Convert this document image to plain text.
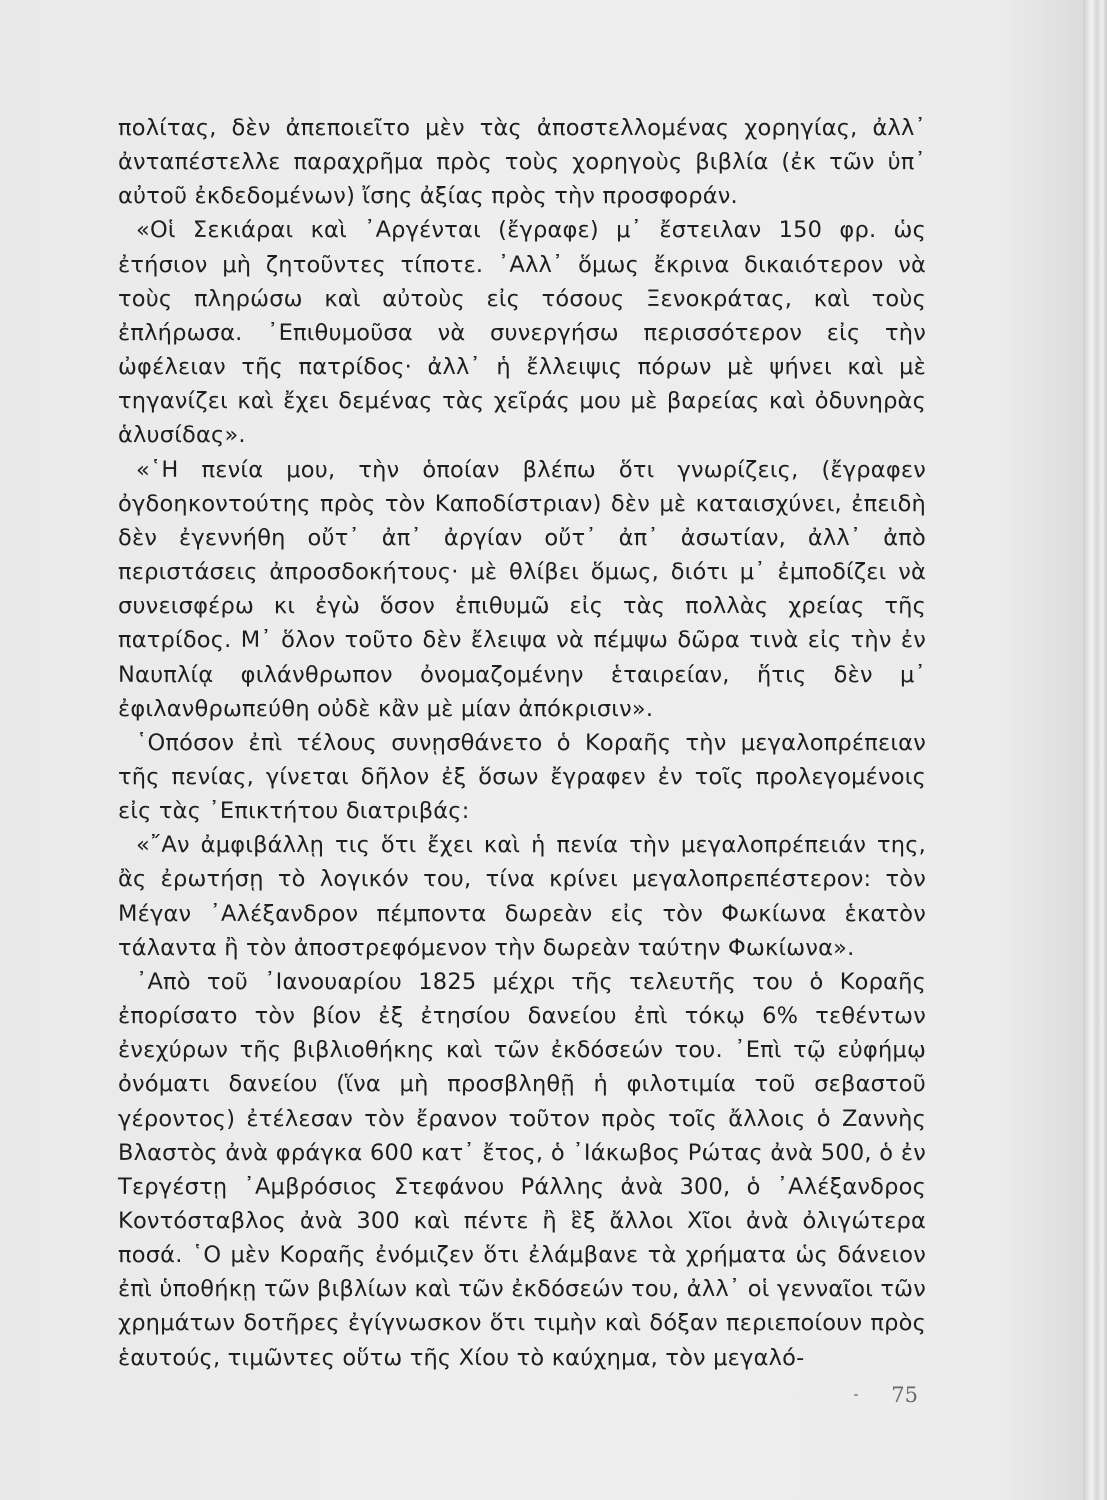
πολίτας, δὲν ἀπεποιεῖτο μὲν τὰς ἀποστελλομένας χορηγίας, ἀλλ᾿ ἀνταπέστελλε παραχρῆμα πρὸς τοὺς χορηγοὺς βιβλία (ἐκ τῶν ὑπ᾿ αὐτοῦ ἐκδεδομένων) ἴσης ἀξίας πρὸς τὴν προσφοράν.

«Οἱ Σεκιάραι καὶ ᾿Αργένται (ἔγραφε) μ᾿ ἔστειλαν 150 φρ. ὡς ἐτήσιον μὴ ζητοῦντες τίποτε. ᾿Αλλ᾿ ὅμως ἔκρινα δικαιότερον νὰ τοὺς πληρώσω καὶ αὐτοὺς εἰς τόσους Ξενοκράτας, καὶ τοὺς ἐπλήρωσα. ᾿Επιθυμοῦσα νὰ συνεργήσω περισσότερον εἰς τὴν ὠφέλειαν τῆς πατρίδος· ἀλλ᾿ ἡ ἔλλειψις πόρων μὲ ψήνει καὶ μὲ τηγανίζει καὶ ἔχει δεμένας τὰς χεῖράς μου μὲ βαρείας καὶ ὀδυνηρὰς ἁλυσίδας».

«῾Η πενία μου, τὴν ὁποίαν βλέπω ὅτι γνωρίζεις, (ἔγραφεν ὀγδοηκοντούτης πρὸς τὸν Καποδίστριαν) δὲν μὲ καταισχύνει, ἐπειδὴ δὲν ἐγεννήθη οὔτ᾿ ἀπ᾿ ἀργίαν οὔτ᾿ ἀπ᾿ ἀσωτίαν, ἀλλ᾿ ἀπὸ περιστάσεις ἀπροσδοκήτους· μὲ θλίβει ὅμως, διότι μ᾿ ἐμποδίζει νὰ συνεισφέρω κι ἐγὼ ὅσον ἐπιθυμῶ εἰς τὰς πολλὰς χρείας τῆς πατρίδος. Μ᾿ ὅλον τοῦτο δὲν ἔλειψα νὰ πέμψω δῶρα τινὰ εἰς τὴν ἐν Ναυπλίᾳ φιλάνθρωπον ὀνομαζομένην ἑταιρείαν, ἥτις δὲν μ᾿ ἐφιλανθρωπεύθη οὐδὲ κἂν μὲ μίαν ἀπόκρισιν».

῾Οπόσον ἐπὶ τέλους συνῃσθάνετο ὁ Κοραῆς τὴν μεγαλοπρέπειαν τῆς πενίας, γίνεται δῆλον ἐξ ὅσων ἔγραφεν ἐν τοῖς προλεγομένοις εἰς τὰς ᾿Επικτήτου διατριβάς:

«῎Αν ἀμφιβάλλῃ τις ὅτι ἔχει καὶ ἡ πενία τὴν μεγαλοπρέπειάν της, ἂς ἐρωτήσῃ τὸ λογικόν του, τίνα κρίνει μεγαλοπρεπέστερον: τὸν Μέγαν ᾿Αλέξανδρον πέμποντα δωρεὰν εἰς τὸν Φωκίωνα ἑκατὸν τάλαντα ἢ τὸν ἀποστρεφόμενον τὴν δωρεὰν ταύτην Φωκίωνα».

᾿Απὸ τοῦ ᾿Ιανουαρίου 1825 μέχρι τῆς τελευτῆς του ὁ Κοραῆς ἐπορίσατο τὸν βίον ἐξ ἐτησίου δανείου ἐπὶ τόκῳ 6% τεθέντων ἐνεχύρων τῆς βιβλιοθήκης καὶ τῶν ἐκδόσεών του. ᾿Επὶ τῷ εὐφήμῳ ὀνόματι δανείου (ἵνα μὴ προσβληθῇ ἡ φιλοτιμία τοῦ σεβαστοῦ γέροντος) ἐτέλεσαν τὸν ἔρανον τοῦτον πρὸς τοῖς ἄλλοις ὁ Ζαννὴς Βλαστὸς ἀνὰ φράγκα 600 κατ᾿ ἔτος, ὁ ᾿Ιάκωβος Ρώτας ἀνὰ 500, ὁ ἐν Τεργέστῃ ᾿Αμβρόσιος Στεφάνου Ράλλης ἀνὰ 300, ὁ ᾿Αλέξανδρος Κοντόσταβλος ἀνὰ 300 καὶ πέντε ἢ ἓξ ἄλλοι Χῖοι ἀνὰ ὀλιγώτερα ποσά. ῾Ο μὲν Κοραῆς ἐνόμιζεν ὅτι ἐλάμβανε τὰ χρήματα ὡς δάνειον ἐπὶ ὑποθήκῃ τῶν βιβλίων καὶ τῶν ἐκδόσεών του, ἀλλ᾿ οἱ γενναῖοι τῶν χρημάτων δοτῆρες ἐγίγνωσκον ὅτι τιμὴν καὶ δόξαν περιεποίουν πρὸς ἑαυτούς, τιμῶντες οὕτω τῆς Χίου τὸ καύχημα, τὸν μεγαλό-

75
